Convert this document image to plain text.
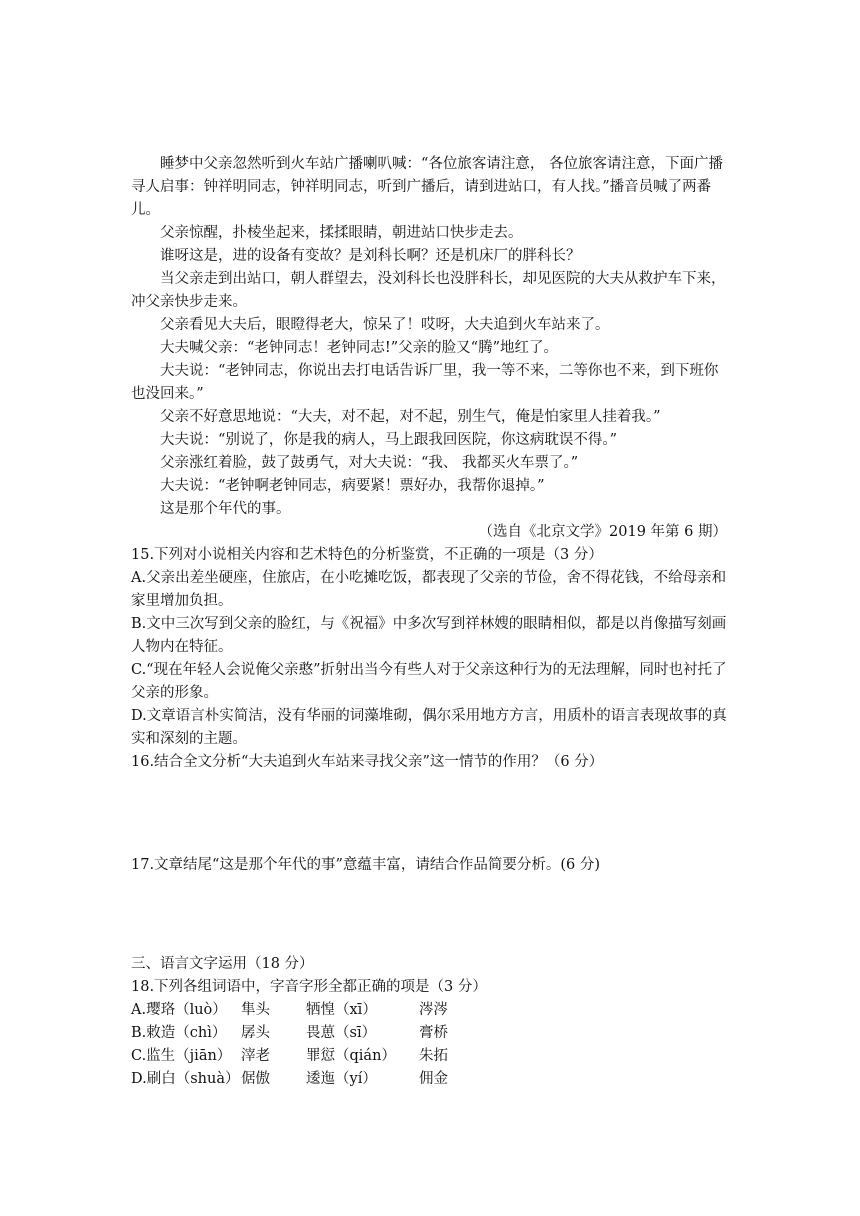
睡梦中父亲忽然听到火车站广播喇叭喊：“各位旅客请注意， 各位旅客请注意，下面广播寻人启事：钟祥明同志，钟祥明同志，听到广播后，请到进站口，有人找。”播音员喊了两番儿。

父亲惊醒，扑棱坐起来，揉揉眼睛，朝进站口快步走去。

谁呀这是，进的设备有变故？是刘科长啊？还是机床厂的胖科长？

当父亲走到出站口，朝人群望去，没刘科长也没胖科长，却见医院的大夫从救护车下来，冲父亲快步走来。

父亲看见大夫后，眼瞪得老大，惊呆了！哎呀，大夫追到火车站来了。

大夫喊父亲：“老钟同志！老钟同志!”父亲的脸又“腾”地红了。

大夫说：“老钟同志，你说出去打电话告诉厂里，我一等不来，二等你也不来，到下班你也没回来。”

父亲不好意思地说：“大夫，对不起，对不起，别生气，俺是怕家里人挂着我。”

大夫说：“别说了，你是我的病人，马上跟我回医院，你这病耽误不得。”

父亲涨红着脸，鼓了鼓勇气，对大夫说：“我、 我都买火车票了。”

大夫说：“老钟啊老钟同志，病要紧！票好办，我帮你退掉。”

这是那个年代的事。

（选自《北京文学》2019 年第 6 期）

15.下列对小说相关内容和艺术特色的分析鉴赏，不正确的一项是（3 分）

A.父亲出差坐硬座，住旅店，在小吃摊吃饭，都表现了父亲的节俭，舍不得花钱，不给母亲和家里增加负担。

B.文中三次写到父亲的脸红，与《祝福》中多次写到祥林嫂的眼睛相似，都是以肖像描写刻画人物内在特征。

C.“现在年轻人会说俺父亲憨”折射出当今有些人对于父亲这种行为的无法理解，同时也衬托了父亲的形象。

D.文章语言朴实简洁，没有华丽的词藻堆砌，偶尔采用地方方言，用质朴的语言表现故事的真实和深刻的主题。

16.结合全文分析“大夫追到火车站来寻找父亲”这一情节的作用？（6 分）

17.文章结尾“这是那个年代的事”意蕴丰富，请结合作品简要分析。(6 分)

三、语言文字运用（18 分）

18.下列各组词语中，字音字形全都正确的项是（3 分）

A.璎珞（luò） 隼头	牺惶（xī）	涔涔
B.敕造（chì）	孱头	畏葸（sī）	膏桥
C.监生（jiān） 滓老	罪愆（qián）	朱拓
D.刷白（shuà） 倨傲	逶迤（yí）	佣金
